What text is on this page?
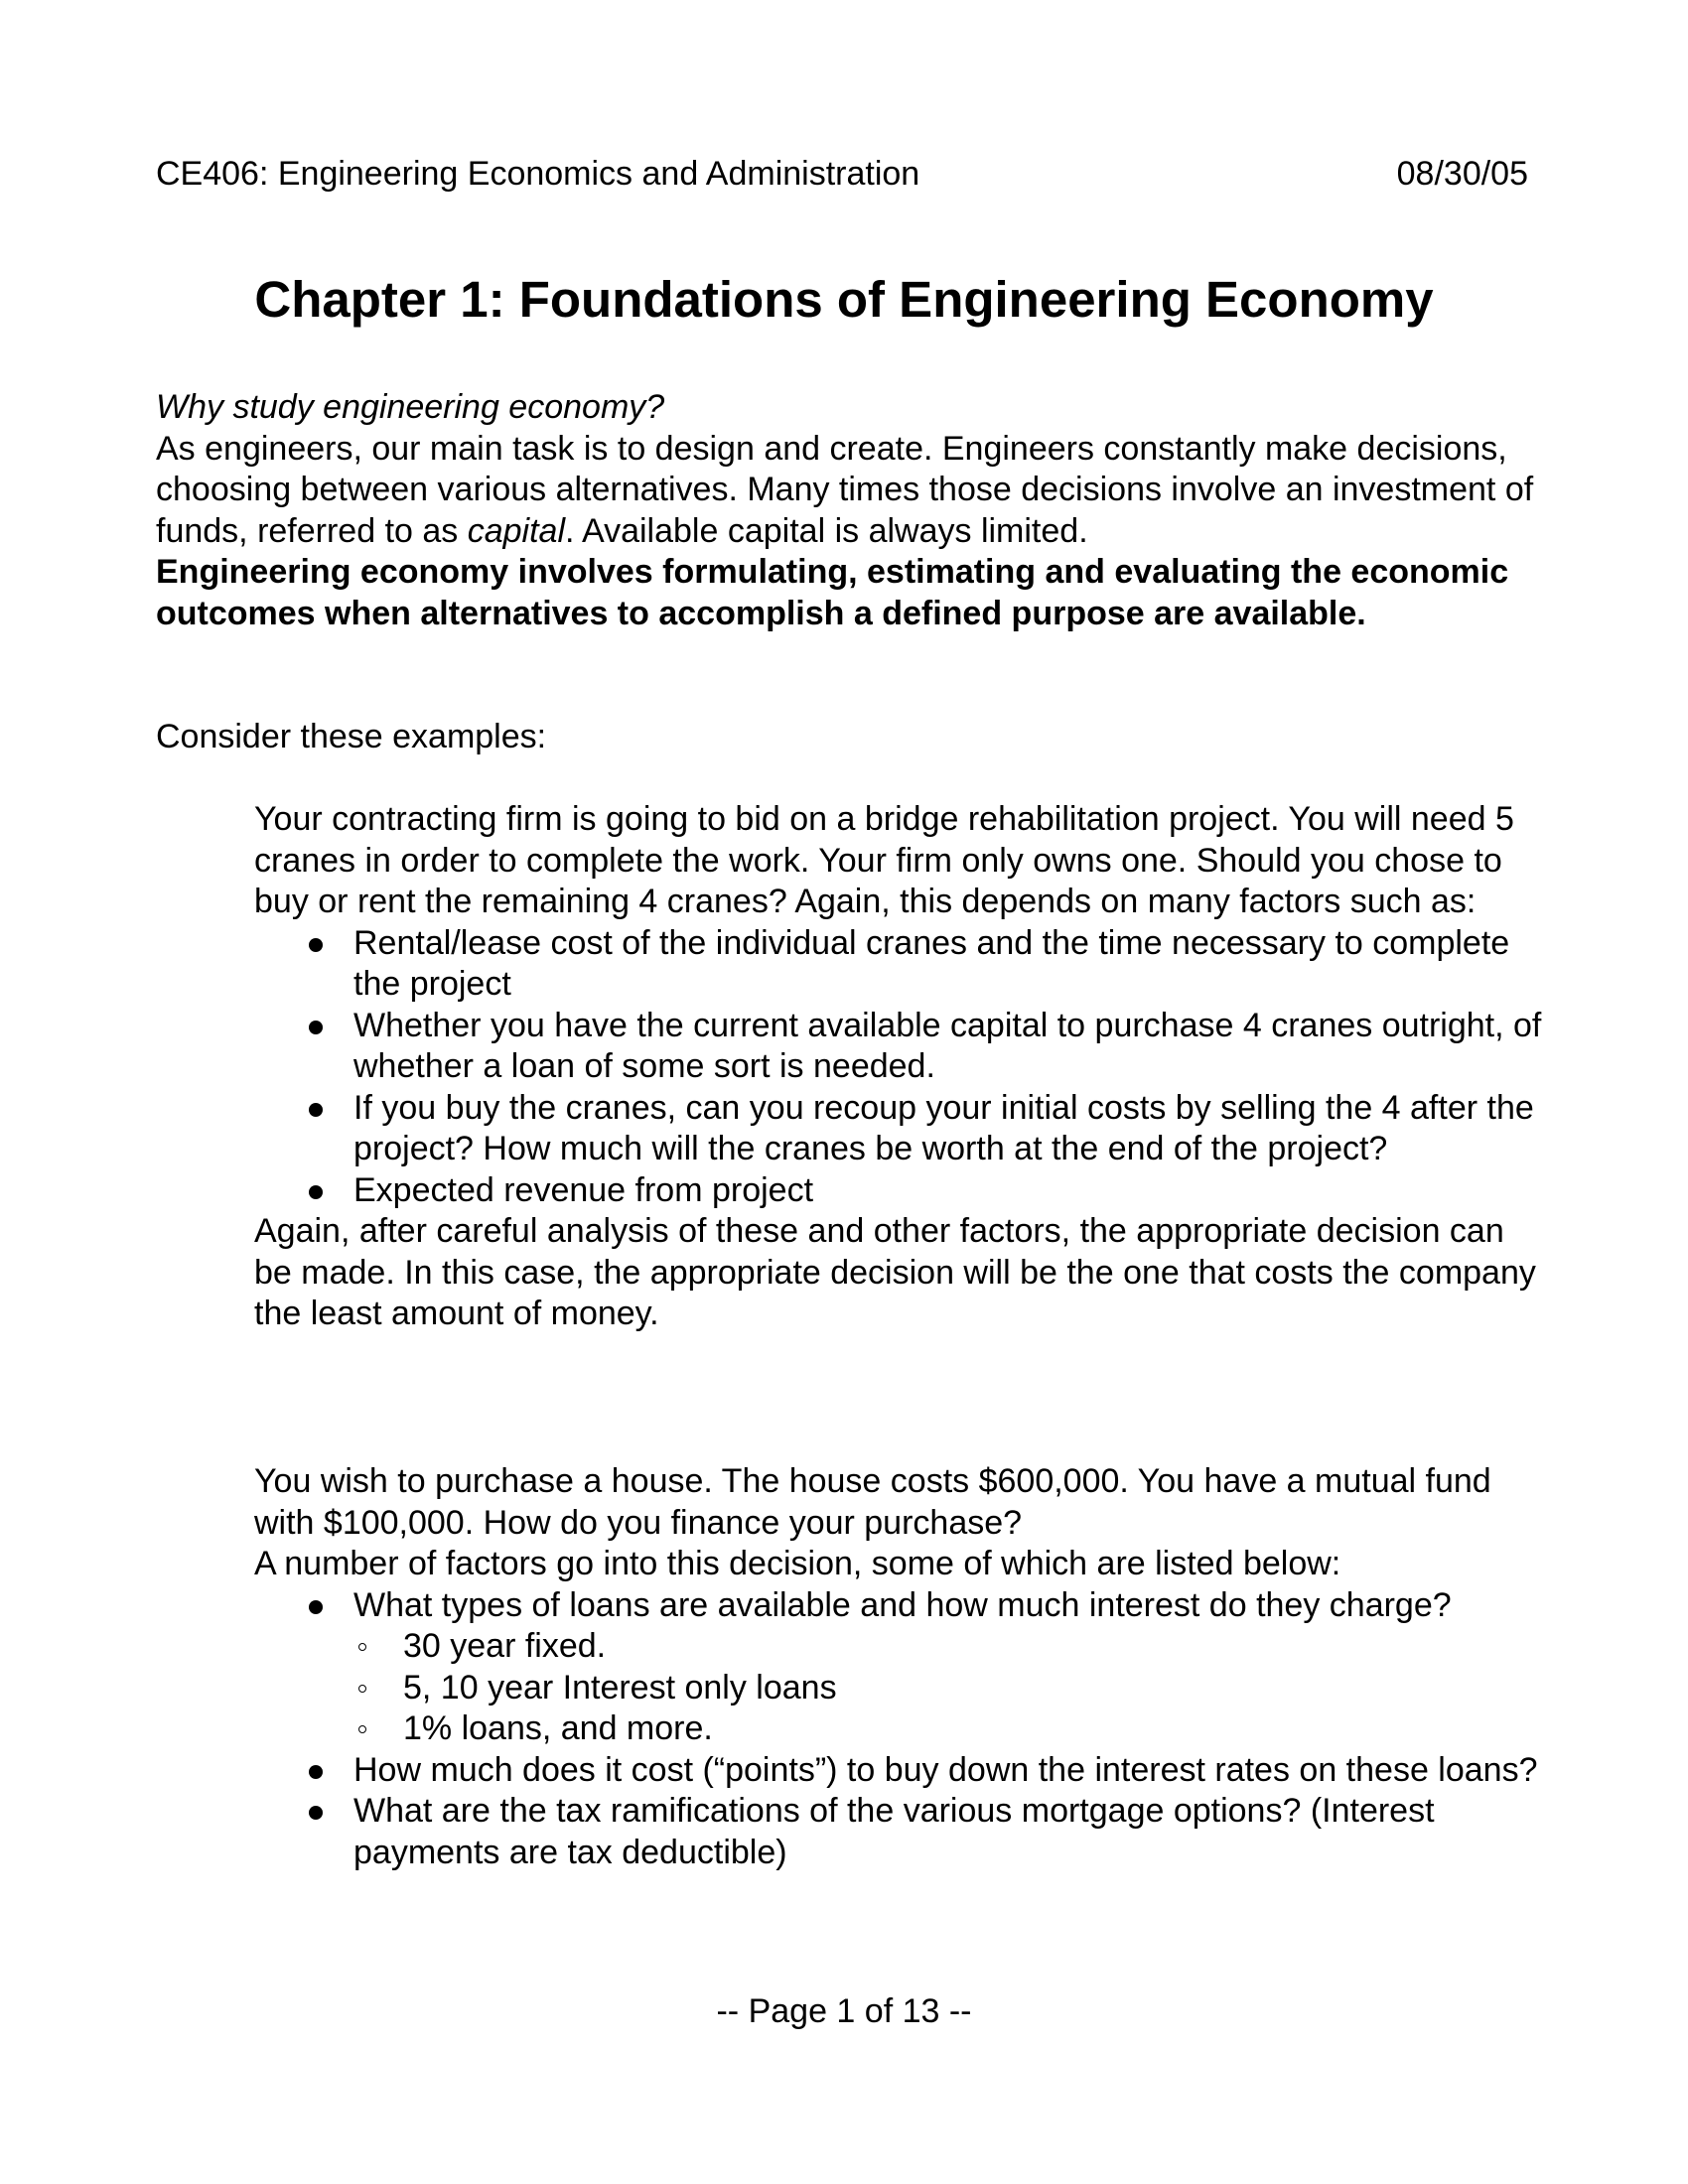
CE406: Engineering Economics and Administration	08/30/05
Chapter 1: Foundations of Engineering Economy

Why study engineering economy?

As engineers, our main task is to design and create. Engineers constantly make decisions, choosing between various alternatives. Many times those decisions involve an investment of funds, referred to as capital. Available capital is always limited.

Engineering economy involves formulating, estimating and evaluating the economic outcomes when alternatives to accomplish a defined purpose are available.

Consider these examples:

Your contracting firm is going to bid on a bridge rehabilitation project. You will need 5 cranes in order to complete the work. Your firm only owns one. Should you chose to buy or rent the remaining 4 cranes? Again, this depends on many factors such as:

Rental/lease cost of the individual cranes and the time necessary to complete the project
Whether you have the current available capital to purchase 4 cranes outright, of whether a loan of some sort is needed.
If you buy the cranes, can you recoup your initial costs by selling the 4 after the project? How much will the cranes be worth at the end of the project?
Expected revenue from project

Again, after careful analysis of these and other factors, the appropriate decision can be made. In this case, the appropriate decision will be the one that costs the company the least amount of money.

You wish to purchase a house. The house costs $600,000. You have a mutual fund with $100,000. How do you finance your purchase?

A number of factors go into this decision, some of which are listed below:

What types of loans are available and how much interest do they charge?
30 year fixed.
5, 10 year Interest only loans
1% loans, and more.
How much does it cost (“points”) to buy down the interest rates on these loans?
What are the tax ramifications of the various mortgage options? (Interest payments are tax deductible)
-- Page 1 of 13 --
